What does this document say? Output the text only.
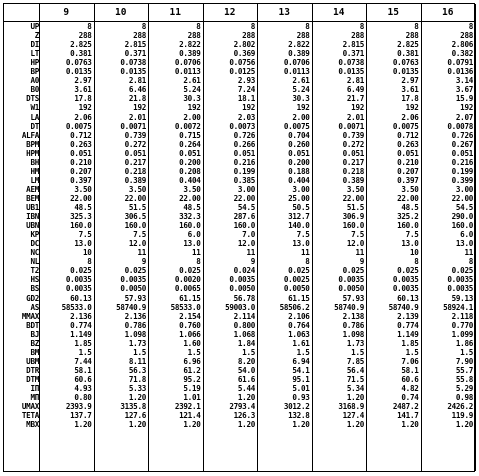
9	10	11	12	13	14	15	16
UP	8	8	8	8	8	8	8	8
Z	288	288	288	288	288	288	288	288
DI	2.825	2.815	2.822	2.802	2.822	2.815	2.825	2.806
LT	0.381	0.371	0.389	0.369	0.389	0.371	0.381	0.382
HP	0.0763	0.0738	0.0706	0.0756	0.0706	0.0738	0.0763	0.0791
BP	0.0135	0.0135	0.0113	0.0125	0.0113	0.0135	0.0135	0.0136
A0	2.97	2.81	2.61	2.93	2.61	2.81	2.97	3.14
B0	3.61	6.46	5.24	7.24	5.24	6.49	3.61	3.67
DTS	17.8	21.8	30.3	18.1	30.3	21.7	17.8	15.9
W1	192	192	192	192	192	192	192	192
LA	2.06	2.01	2.00	2.03	2.00	2.01	2.06	2.07
DT	0.0075	0.0071	0.0072	0.0073	0.0075	0.0071	0.0075	0.0078
ALFA	0.712	0.739	0.715	0.726	0.704	0.739	0.712	0.726
BPM	0.263	0.272	0.264	0.266	0.260	0.272	0.263	0.267
HPM	0.051	0.051	0.051	0.051	0.051	0.051	0.051	0.051
BH	0.210	0.217	0.200	0.216	0.200	0.217	0.210	0.216
HM	0.207	0.218	0.208	0.199	0.188	0.218	0.207	0.199
LM	0.397	0.389	0.404	0.385	0.404	0.389	0.397	0.399
AEM	3.50	3.50	3.50	3.00	3.00	3.50	3.50	3.00
BEM	22.00	22.00	22.00	22.00	25.00	22.00	22.00	22.00
UB1	48.5	51.5	48.5	54.5	50.5	51.5	48.5	54.5
IBN	325.3	306.5	332.3	287.6	312.7	306.9	325.2	290.0
UBN	160.0	160.0	160.0	160.0	140.0	160.0	160.0	160.0
KP	7.5	7.5	6.0	7.0	7.5	7.5	7.5	6.0
DC	13.0	12.0	13.0	12.0	13.0	12.0	13.0	13.0
NC	10	11	11	11	11	11	10	11
NL	8	9	8	9	8	9	8	8
T2	0.025	0.025	0.025	0.024	0.025	0.025	0.025	0.025
HS	0.0035	0.0035	0.0020	0.0035	0.0025	0.0035	0.0035	0.0035
BS	0.0035	0.0050	0.0065	0.0050	0.0050	0.0050	0.0035	0.0035
GD2	60.13	57.93	61.15	56.78	61.15	57.93	60.13	59.13
AS	58533.0	58740.9	58533.0	59003.0	58506.2	58740.9	58740.9	58924.1
MMAX	2.136	2.136	2.154	2.114	2.106	2.138	2.139	2.118
BDT	0.774	0.786	0.760	0.800	0.764	0.786	0.774	0.770
BJ	1.149	1.098	1.066	1.068	1.063	1.098	1.149	1.099
BZ	1.85	1.73	1.60	1.84	1.61	1.73	1.85	1.86
BM	1.5	1.5	1.5	1.5	1.5	1.5	1.5	1.5
UBM	7.44	8.11	6.96	8.20	6.94	7.85	7.06	7.90
DTR	58.1	56.3	61.2	54.0	54.1	56.4	58.1	55.7
DTM	60.6	71.8	95.2	61.6	95.1	71.5	60.6	55.8
IП	4.93	5.33	5.19	5.44	5.01	5.34	4.82	5.29
MП	0.80	1.20	1.01	1.20	0.93	1.20	0.74	0.98
UMAX	2393.9	3135.8	2392.1	2793.4	3012.2	3168.9	2487.2	2426.2
TETA	137.7	127.6	121.4	126.3	132.8	127.4	141.7	119.9
MBX	1.20	1.20	1.20	1.20	1.20	1.20	1.20	1.20
